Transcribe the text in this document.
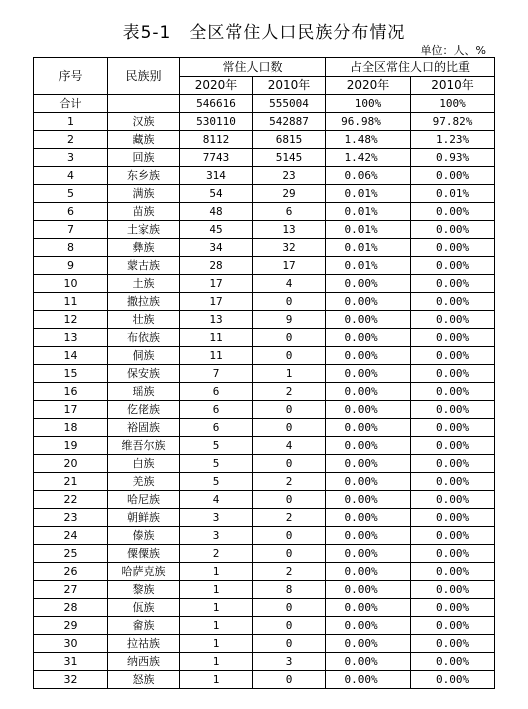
表5-1　全区常住人口民族分布情况
单位：人、%
序号	民族别	常住人口数		占全区常住人口的比重	
		2020年	2010年	2020年	2010年
合计		546616	555004	100%	100%
1	汉族	530110	542887	96.98%	97.82%
2	藏族	8112	6815	1.48%	1.23%
3	回族	7743	5145	1.42%	0.93%
4	东乡族	314	23	0.06%	0.00%
5	满族	54	29	0.01%	0.01%
6	苗族	48	6	0.01%	0.00%
7	土家族	45	13	0.01%	0.00%
8	彝族	34	32	0.01%	0.00%
9	蒙古族	28	17	0.01%	0.00%
10	土族	17	4	0.00%	0.00%
11	撒拉族	17	0	0.00%	0.00%
12	壮族	13	9	0.00%	0.00%
13	布依族	11	0	0.00%	0.00%
14	侗族	11	0	0.00%	0.00%
15	保安族	7	1	0.00%	0.00%
16	瑶族	6	2	0.00%	0.00%
17	仡佬族	6	0	0.00%	0.00%
18	裕固族	6	0	0.00%	0.00%
19	维吾尔族	5	4	0.00%	0.00%
20	白族	5	0	0.00%	0.00%
21	羌族	5	2	0.00%	0.00%
22	哈尼族	4	0	0.00%	0.00%
23	朝鲜族	3	2	0.00%	0.00%
24	傣族	3	0	0.00%	0.00%
25	僳僳族	2	0	0.00%	0.00%
26	哈萨克族	1	2	0.00%	0.00%
27	黎族	1	8	0.00%	0.00%
28	佤族	1	0	0.00%	0.00%
29	畲族	1	0	0.00%	0.00%
30	拉祜族	1	0	0.00%	0.00%
31	纳西族	1	3	0.00%	0.00%
32	怒族	1	0	0.00%	0.00%
